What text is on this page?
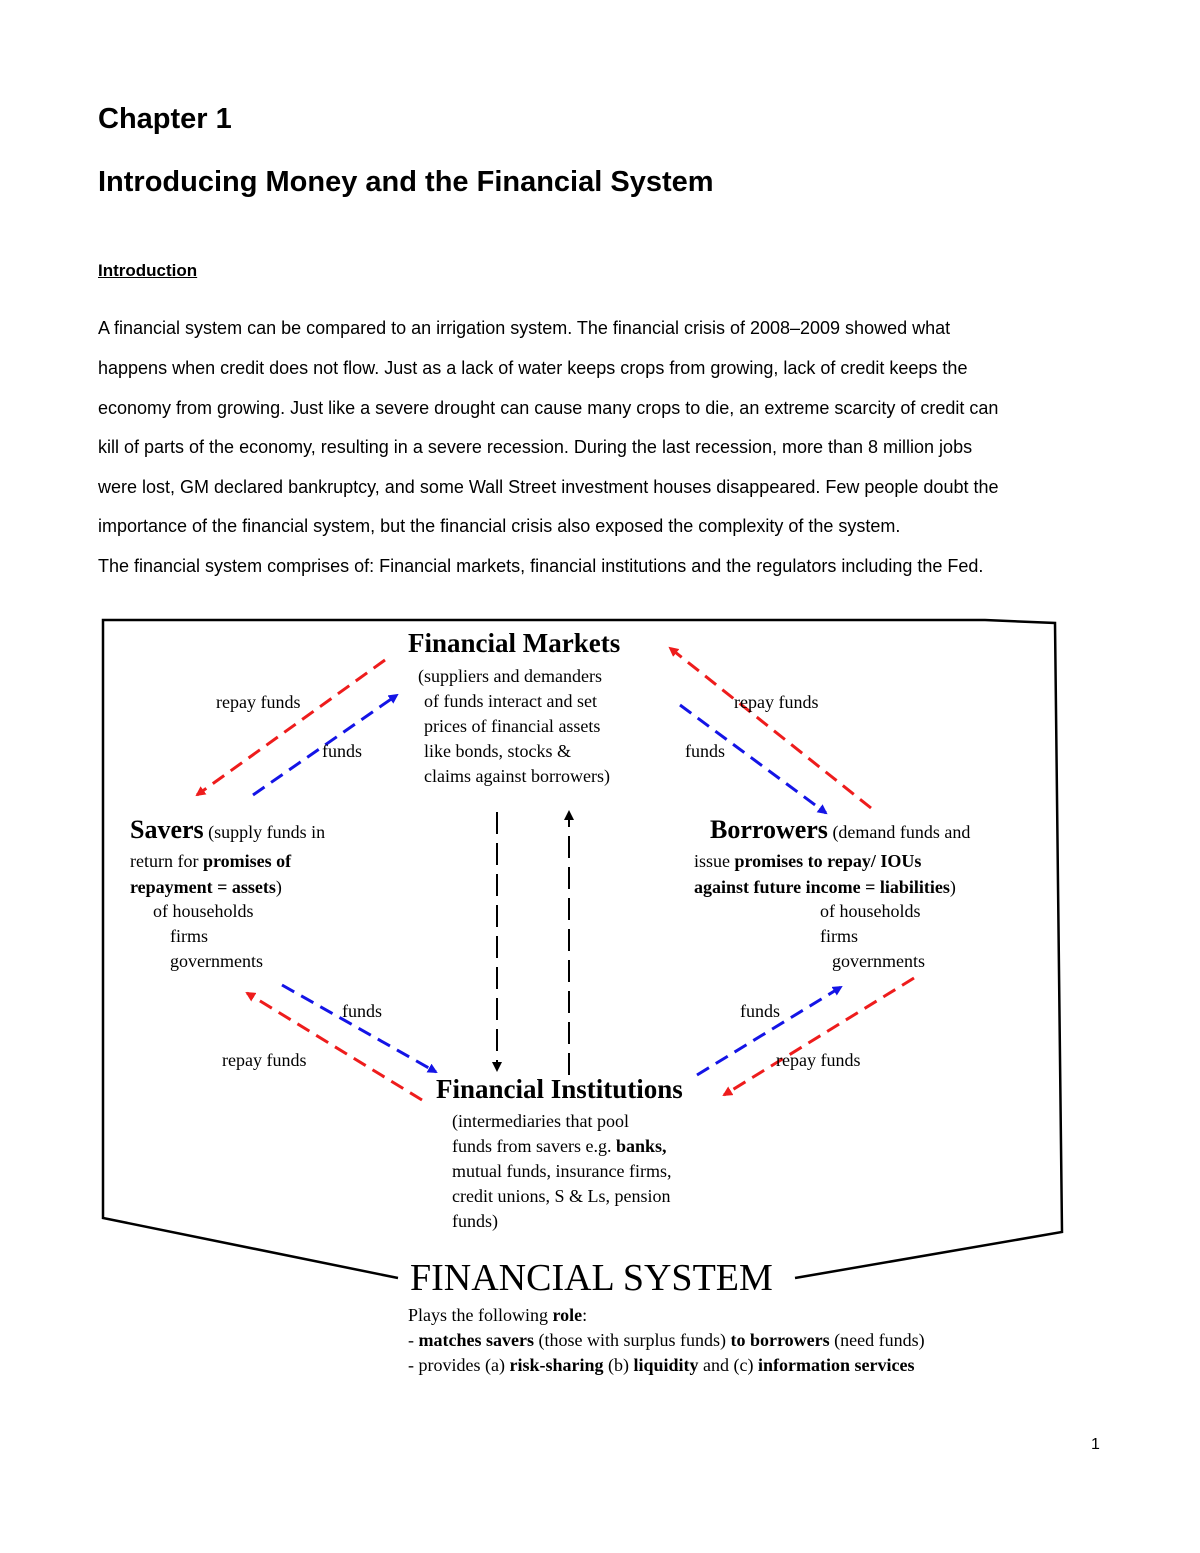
Chapter 1
Introducing Money and the Financial System
Introduction
A financial system can be compared to an irrigation system. The financial crisis of 2008–2009 showed what
happens when credit does not flow. Just as a lack of water keeps crops from growing, lack of credit keeps the
economy from growing. Just like a severe drought can cause many crops to die, an extreme scarcity of credit can
kill of parts of the economy, resulting in a severe recession. During the last recession, more than 8 million jobs
were lost, GM declared bankruptcy, and some Wall Street investment houses disappeared. Few people doubt the
importance of the financial system, but the financial crisis also exposed the complexity of the system.
The financial system comprises of: Financial markets, financial institutions and the regulators including the Fed.
Financial Markets
(suppliers and demanders
of funds interact and set
prices of financial assets
like bonds, stocks &
claims against borrowers)
repay funds
funds
repay funds
funds
Savers (supply funds in
return for promises of
repayment = assets)
of households
firms
governments
Borrowers (demand funds and
issue promises to repay/ IOUs
against future income = liabilities)
of households
firms
governments
funds
repay funds
funds
repay funds
Financial Institutions
(intermediaries that pool
funds from savers e.g. banks,
mutual funds, insurance firms,
credit unions, S & Ls, pension
funds)
FINANCIAL SYSTEM
Plays the following role:
- matches savers (those with surplus funds) to borrowers (need funds)
- provides (a) risk-sharing (b) liquidity and (c) information services
1
